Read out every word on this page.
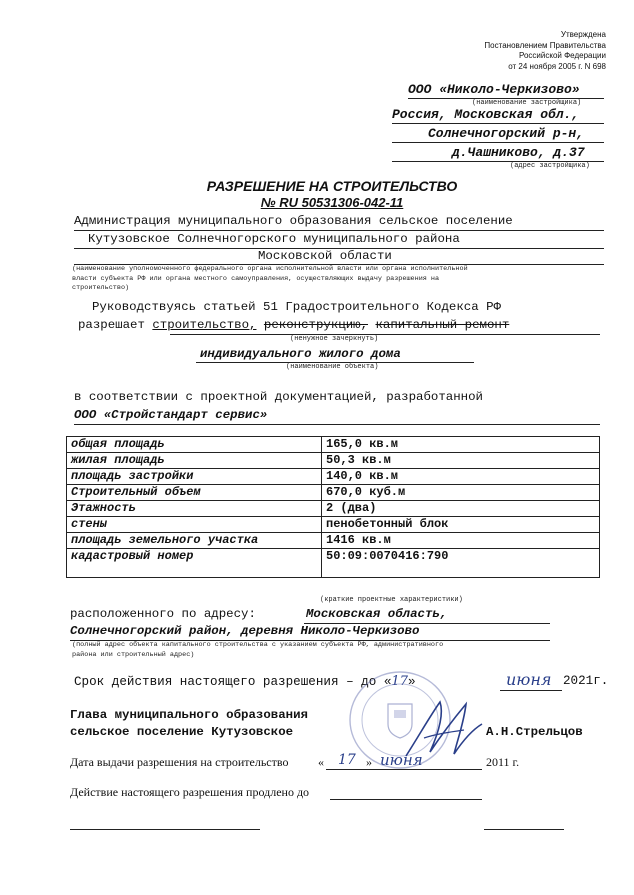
Утверждена
Постановлением Правительства
Российской Федерации
от 24 ноября 2005 г. N 698
ООО «Николо-Черкизово»
(наименование застройщика)
Россия, Московская обл.,
Солнечногорский р-н,
д.Чашниково, д.37
(адрес застройщика)
РАЗРЕШЕНИЕ НА СТРОИТЕЛЬСТВО
№ RU 50531306-042-11
Администрация муниципального образования сельское поселение
Кутузовское Солнечногорского муниципального района
Московской области
(наименование уполномоченного федерального органа исполнительной власти или органа исполнительной
власти субъекта РФ или органа местного самоуправления, осуществляющих выдачу разрешения на
строительство)
Руководствуясь статьей 51 Градостроительного Кодекса РФ
разрешает строительство, реконструкцию, капитальный ремонт
(ненужное зачеркнуть)
индивидуального жилого дома
(наименование объекта)
в соответствии с проектной документацией, разработанной
ООО «Стройстандарт сервис»
общая площадь	165,0 кв.м
жилая площадь	50,3 кв.м
площадь застройки	140,0 кв.м
Строительный объем	670,0 куб.м
Этажность	2 (два)
стены	пенобетонный блок
площадь земельного участка	1416 кв.м
кадастровый номер	50:09:0070416:790
(краткие проектные характеристики)
расположенного по адресу:	Московская область,
Солнечногорский район, деревня Николо-Черкизово
(полный адрес объекта капитального строительства с указанием субъекта РФ, административного
района или строительный адрес)
Срок действия настоящего разрешения – до «17»	июня 2021г.
Глава муниципального образования
сельское поселение Кутузовское	А.Н.Стрельцов
Дата выдачи разрешения на строительство « 17 » июня	2011 г.
Действие настоящего разрешения продлено до
